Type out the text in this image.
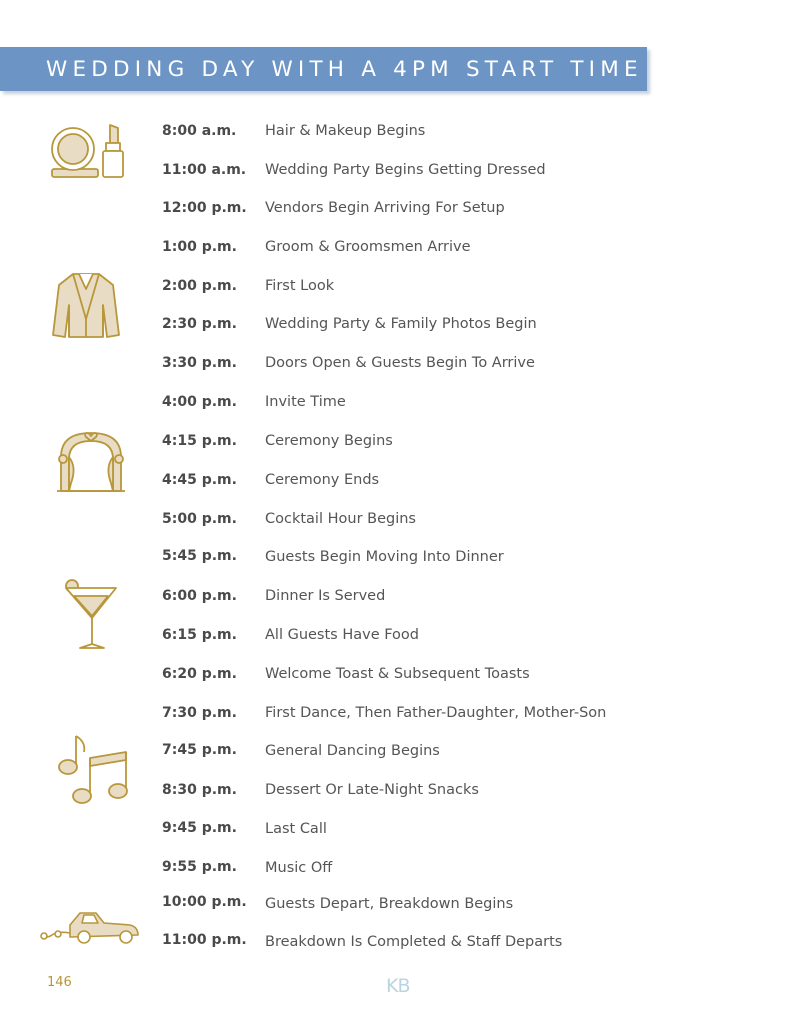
WEDDING DAY WITH A 4PM START TIME
8:00 a.m. Hair & Makeup Begins
11:00 a.m. Wedding Party Begins Getting Dressed
12:00 p.m. Vendors Begin Arriving For Setup
1:00 p.m. Groom & Groomsmen Arrive
2:00 p.m. First Look
2:30 p.m. Wedding Party & Family Photos Begin
3:30 p.m. Doors Open & Guests Begin To Arrive
4:00 p.m. Invite Time
4:15 p.m. Ceremony Begins
4:45 p.m. Ceremony Ends
5:00 p.m. Cocktail Hour Begins
5:45 p.m. Guests Begin Moving Into Dinner
6:00 p.m. Dinner Is Served
6:15 p.m. All Guests Have Food
6:20 p.m. Welcome Toast & Subsequent Toasts
7:30 p.m. First Dance, Then Father-Daughter, Mother-Son
7:45 p.m. General Dancing Begins
8:30 p.m. Dessert Or Late-Night Snacks
9:45 p.m. Last Call
9:55 p.m. Music Off
10:00 p.m. Guests Depart, Breakdown Begins
11:00 p.m. Breakdown Is Completed & Staff Departs
146	KB
